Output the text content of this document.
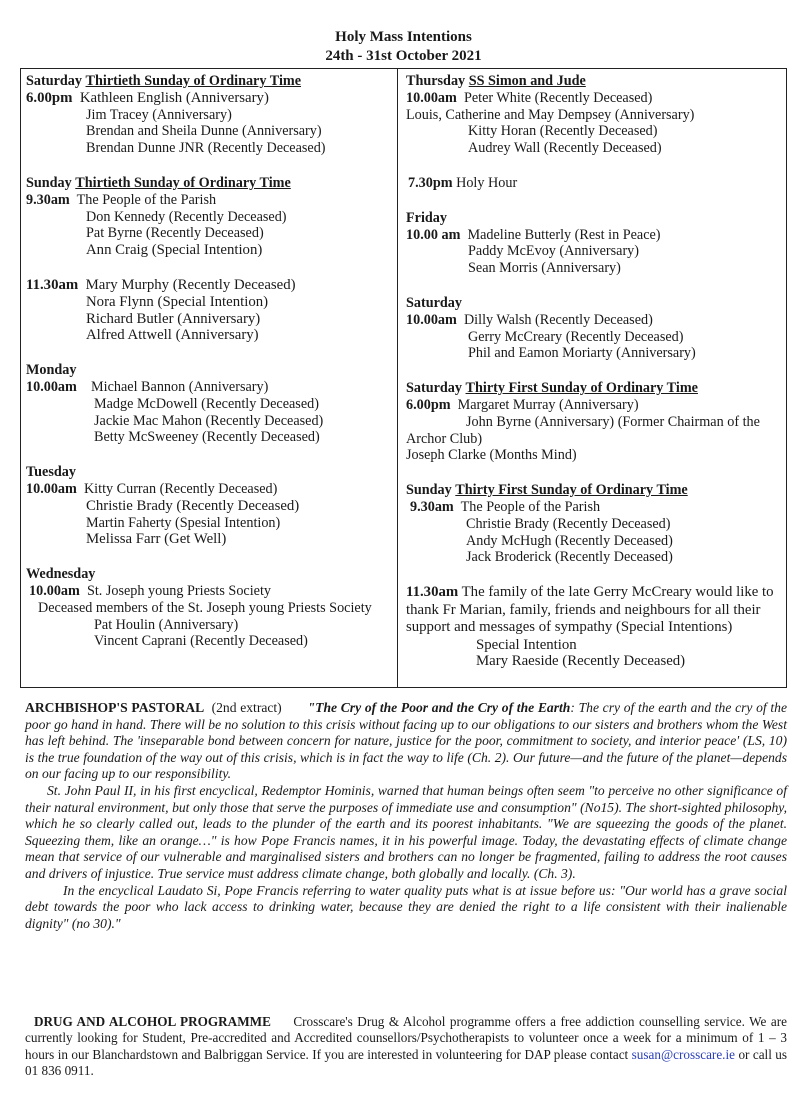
Holy Mass Intentions
24th - 31st October 2021
Saturday Thirtieth Sunday of Ordinary Time
6.00pm Kathleen English (Anniversary)
Jim Tracey (Anniversary)
Brendan and Sheila Dunne (Anniversary)
Brendan Dunne JNR (Recently Deceased)
Sunday Thirtieth Sunday of Ordinary Time
9.30am The People of the Parish
Don Kennedy (Recently Deceased)
Pat Byrne (Recently Deceased)
Ann Craig (Special Intention)
11.30am Mary Murphy (Recently Deceased)
Nora Flynn (Special Intention)
Richard Butler (Anniversary)
Alfred Attwell (Anniversary)
Monday
10.00am Michael Bannon (Anniversary)
Madge McDowell (Recently Deceased)
Jackie Mac Mahon (Recently Deceased)
Betty McSweeney (Recently Deceased)
Tuesday
10.00am Kitty Curran (Recently Deceased)
Christie Brady (Recently Deceased)
Martin Faherty (Spesial Intention)
Melissa Farr (Get Well)
Wednesday
10.00am St. Joseph young Priests Society
Deceased members of the St. Joseph young Priests Society
Pat Houlin (Anniversary)
Vincent Caprani (Recently Deceased)
Thursday SS Simon and Jude
10.00am Peter White (Recently Deceased)
Louis, Catherine and May Dempsey (Anniversary)
Kitty Horan (Recently Deceased)
Audrey Wall (Recently Deceased)
7.30pm Holy Hour
Friday
10.00 am Madeline Butterly (Rest in Peace)
Paddy McEvoy (Anniversary)
Sean Morris (Anniversary)
Saturday
10.00am Dilly Walsh (Recently Deceased)
Gerry McCreary (Recently Deceased)
Phil and Eamon Moriarty (Anniversary)
Saturday Thirty First Sunday of Ordinary Time
6.00pm Margaret Murray (Anniversary)
John Byrne (Anniversary) (Former Chairman of the
Archor Club)
Joseph Clarke (Months Mind)
Sunday Thirty First Sunday of Ordinary Time
9.30am The People of the Parish
Christie Brady (Recently Deceased)
Andy McHugh (Recently Deceased)
Jack Broderick (Recently Deceased)
11.30am The family of the late Gerry McCreary would like to thank Fr Marian, family, friends and neighbours for all their support and messages of sympathy (Special Intentions)
Special Intention
Mary Raeside (Recently Deceased)

ARCHBISHOP'S PASTORAL (2nd extract) "The Cry of the Poor and the Cry of the Earth: The cry of the earth and the cry of the poor go hand in hand. There will be no solution to this crisis without facing up to our obligations to our sisters and brothers whom the West has left behind. The 'inseparable bond between concern for nature, justice for the poor, commitment to society, and interior peace' (LS, 10) is the true foundation of the way out of this crisis, which is in fact the way to life (Ch. 2). Our future—and the future of the planet—depends on our facing up to our responsibility.

St. John Paul II, in his first encyclical, Redemptor Hominis, warned that human beings often seem "to perceive no other significance of their natural environment, but only those that serve the purposes of immediate use and consumption" (No15). The short-sighted philosophy, which he so clearly called out, leads to the plunder of the earth and its poorest inhabitants. "We are squeezing the goods of the planet. Squeezing them, like an orange…" is how Pope Francis names, it in his powerful image. Today, the devastating effects of climate change mean that service of our vulnerable and marginalised sisters and brothers can no longer be fragmented, failing to address the root causes and drivers of injustice. True service must address climate change, both globally and locally. (Ch. 3).

In the encyclical Laudato Si, Pope Francis referring to water quality puts what is at issue before us: "Our world has a grave social debt towards the poor who lack access to drinking water, because they are denied the right to a life consistent with their inalienable dignity" (no 30)."

DRUG AND ALCOHOL PROGRAMME Crosscare's Drug & Alcohol programme offers a free addiction counselling service. We are currently looking for Student, Pre-accredited and Accredited counsellors/Psychotherapists to volunteer once a week for a minimum of 1 – 3 hours in our Blanchardstown and Balbriggan Service. If you are interested in volunteering for DAP please contact susan@crosscare.ie or call us 01 836 0911.
